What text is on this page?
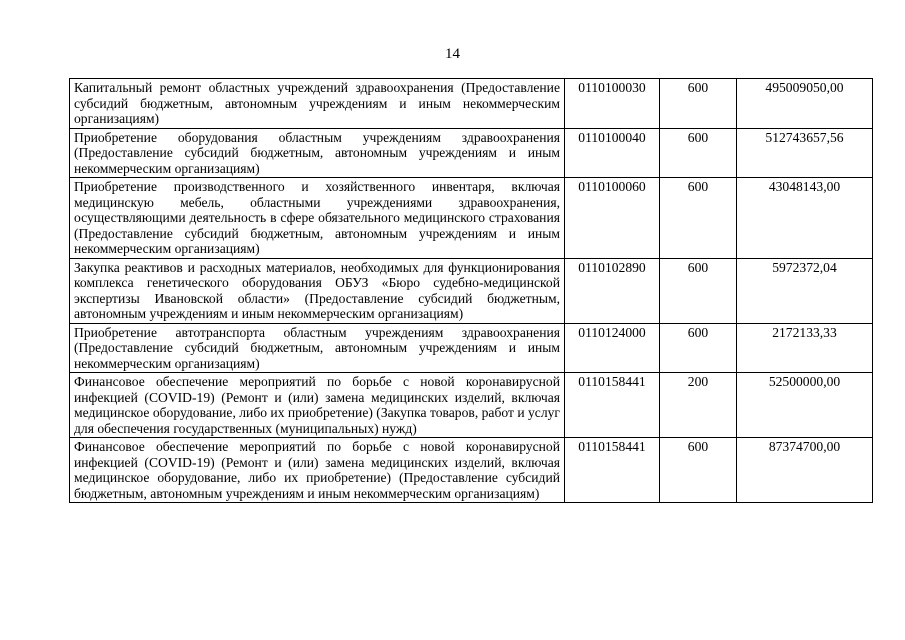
14
Капитальный ремонт областных учреждений здравоохранения (Предоставление субсидий бюджетным, автономным учреждениям и иным некоммерческим организациям)	0110100030	600	495009050,00
Приобретение оборудования областным учреждениям здравоохранения (Предоставление субсидий бюджетным, автономным учреждениям и иным некоммерческим организациям)	0110100040	600	512743657,56
Приобретение производственного и хозяйственного инвентаря, включая медицинскую мебель, областными учреждениями здравоохранения, осуществляющими деятельность в сфере обязательного медицинского страхования (Предоставление субсидий бюджетным, автономным учреждениям и иным некоммерческим организациям)	0110100060	600	43048143,00
Закупка реактивов и расходных материалов, необходимых для функционирования комплекса генетического оборудования ОБУЗ «Бюро судебно-медицинской экспертизы Ивановской области» (Предоставление субсидий бюджетным, автономным учреждениям и иным некоммерческим организациям)	0110102890	600	5972372,04
Приобретение автотранспорта областным учреждениям здравоохранения (Предоставление субсидий бюджетным, автономным учреждениям и иным некоммерческим организациям)	0110124000	600	2172133,33
Финансовое обеспечение мероприятий по борьбе с новой коронавирусной инфекцией (COVID-19) (Ремонт и (или) замена медицинских изделий, включая медицинское оборудование, либо их приобретение) (Закупка товаров, работ и услуг для обеспечения государственных (муниципальных) нужд)	0110158441	200	52500000,00
Финансовое обеспечение мероприятий по борьбе с новой коронавирусной инфекцией (COVID-19) (Ремонт и (или) замена медицинских изделий, включая медицинское оборудование, либо их приобретение) (Предоставление субсидий бюджетным, автономным учреждениям и иным некоммерческим организациям)	0110158441	600	87374700,00
